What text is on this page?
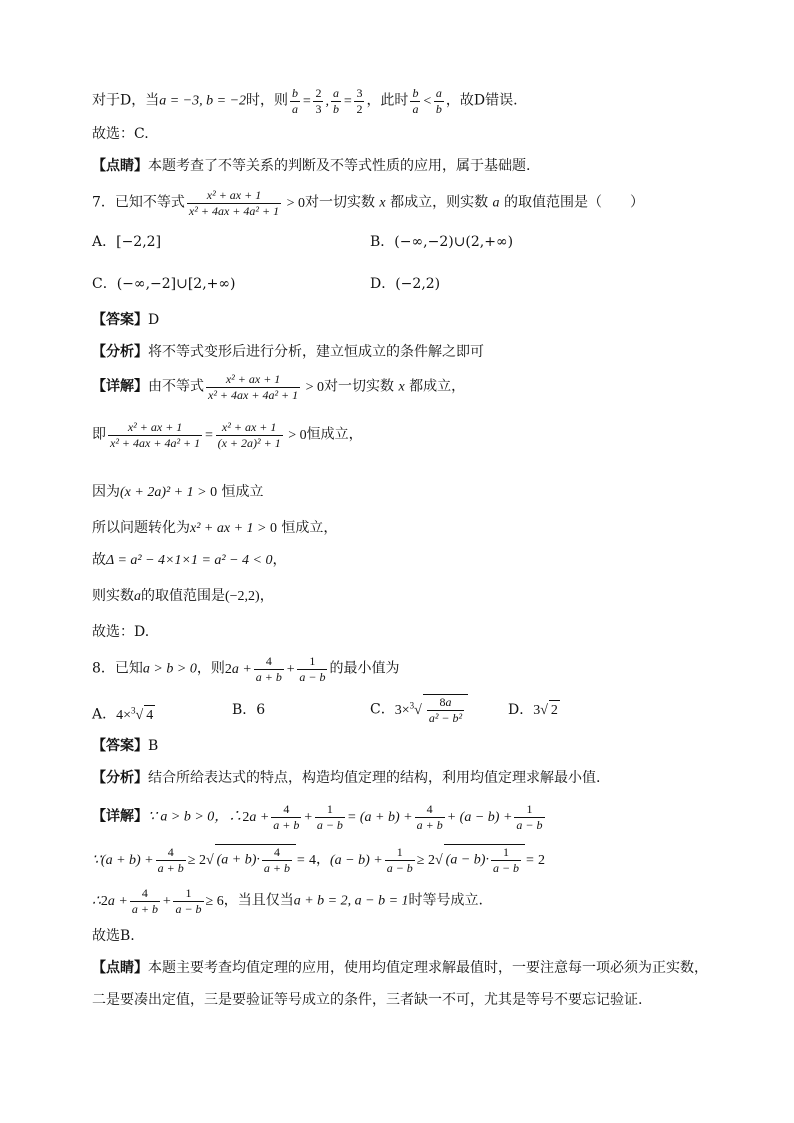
对于D，当a = −3, b = −2时，则 $\frac{b}{a} = \frac{2}{3}$ , $\frac{a}{b} = \frac{3}{2}$ ，此时 $\frac{b}{a} < \frac{a}{b}$ ，故D错误.
故选：C.
【点睛】本题考查了不等关系的判断及不等式性质的应用，属于基础题.
7．已知不等式 $\frac{\text{x² + ax + 1}}{\text{x² + 4ax + 4a² + 1}} > 0$对一切实数 x 都成立，则实数 a 的取值范围是（　　）
A．[−2,2]	B．(−∞,−2)∪(2,+∞)
C．(−∞,−2]∪[2,+∞)	D．(−2,2)
【答案】D
【分析】将不等式变形后进行分析，建立恒成立的条件解之即可
【详解】由不等式 $\frac{\text{x² + ax + 1}}{\text{x² + 4ax + 4a² + 1}} > 0$对一切实数 x 都成立，
即 $\frac{\text{x² + ax + 1}}{\text{x² + 4ax + 4a² + 1}} = \frac{\text{x² + ax + 1}}{\text{(x + 2a)² + 1}} > 0$恒成立，
因为(x + 2a)² + 1 > 0 恒成立
所以问题转化为x² + ax + 1 > 0 恒成立，
故Δ = a² − 4×1×1 = a² − 4 < 0，
则实数a的取值范围是(−2,2)，
故选：D.
8．已知a > b > 0，则$2a + \frac{4}{a + b} + \frac{1}{a - b}$ 的最小值为
A．4×$^3$√ 4	B．6	C．$3\times^3√ \frac{8a}{\text{a² − b²}}$	D．3√ 2
【答案】B
【分析】结合所给表达式的特点，构造均值定理的结构，利用均值定理求解最小值.
【详解】∵ a > b > 0，∴2a + $\frac{4}{a + b} + \frac{1}{a - b} = (a + b) + \frac{4}{a + b} + (a - b) + \frac{1}{a - b}$
∵(a + $b) + \frac{4}{a + b} \ge 2√$ $(a + b)\cdot \frac{4}{a + b} = 4$，$(a - b) + \frac{1}{a - b} \ge 2√$ $(a - b)\cdot \frac{1}{a - b} = 2$
∴2a + $\frac{4}{a + b} + \frac{1}{a - b} \ge 6$，当且仅当a + b = 2, a − b = 1时等号成立.
故选B.
【点睛】本题主要考查均值定理的应用，使用均值定理求解最值时，一要注意每一项必须为正实数，
二是要凑出定值，三是要验证等号成立的条件，三者缺一不可，尤其是等号不要忘记验证.
